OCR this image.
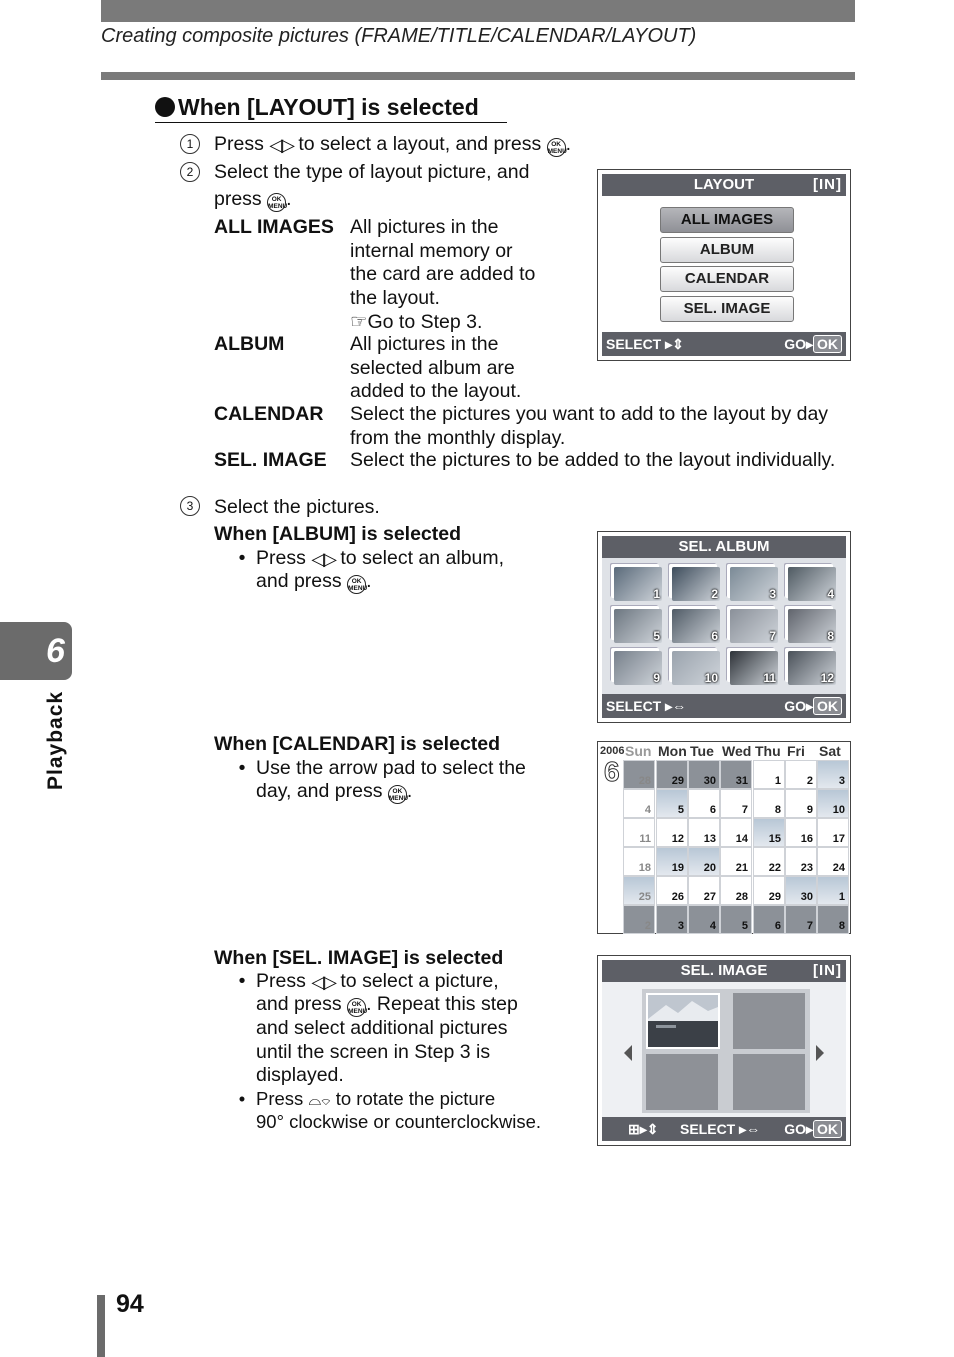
Creating composite pictures (FRAME/TITLE/CALENDAR/LAYOUT)
When [LAYOUT] is selected
1	Press ◁▷ to select a layout, and press OK
MENU.
2	Select the type of layout picture, and
press OK
MENU.
ALL IMAGES All pictures in the
internal memory or
the card are added to
the layout.
☞Go to Step 3.
ALBUM	All pictures in the
selected album are
added to the layout.
CALENDAR Select the pictures you want to add to the layout by day
from the monthly display.
SEL. IMAGE Select the pictures to be added to the layout individually.
LAYOUT	[IN]
ALL IMAGES
ALBUM
CALENDAR
SEL. IMAGE
SELECT ▸⇕	GO▸ OK
3	Select the pictures.
When [ALBUM] is selected
• Press ◁▷ to select an album,
and press OK
MENU.
SEL. ALBUM
1	2	3	4
5	6	7	8
9	10	11	12
SELECT ▸⇔	GO▸ OK
When [CALENDAR] is selected
• Use the arrow pad to select the
day, and press OK
MENU.
2006
6
Sun Mon Tue Wed Thu Fri Sat
28 29 30 31 1 2 3
4 5 6 7 8 9 10
11 12 13 14 15 16 17
18 19 20 21 22 23 24
25 26 27 28 29 30 1
2 3 4 5 6 7 8
When [SEL. IMAGE] is selected
• Press ◁▷ to select a picture,
and press OK
MENU. Repeat this step
and select additional pictures
until the screen in Step 3 is
displayed.
• Press ⌓⌔ to rotate the picture
90° clockwise or counterclockwise.
SEL. IMAGE	[IN]
⊞▸⇕ SELECT ▸⇔ GO▸ OK
6
Playback
94
